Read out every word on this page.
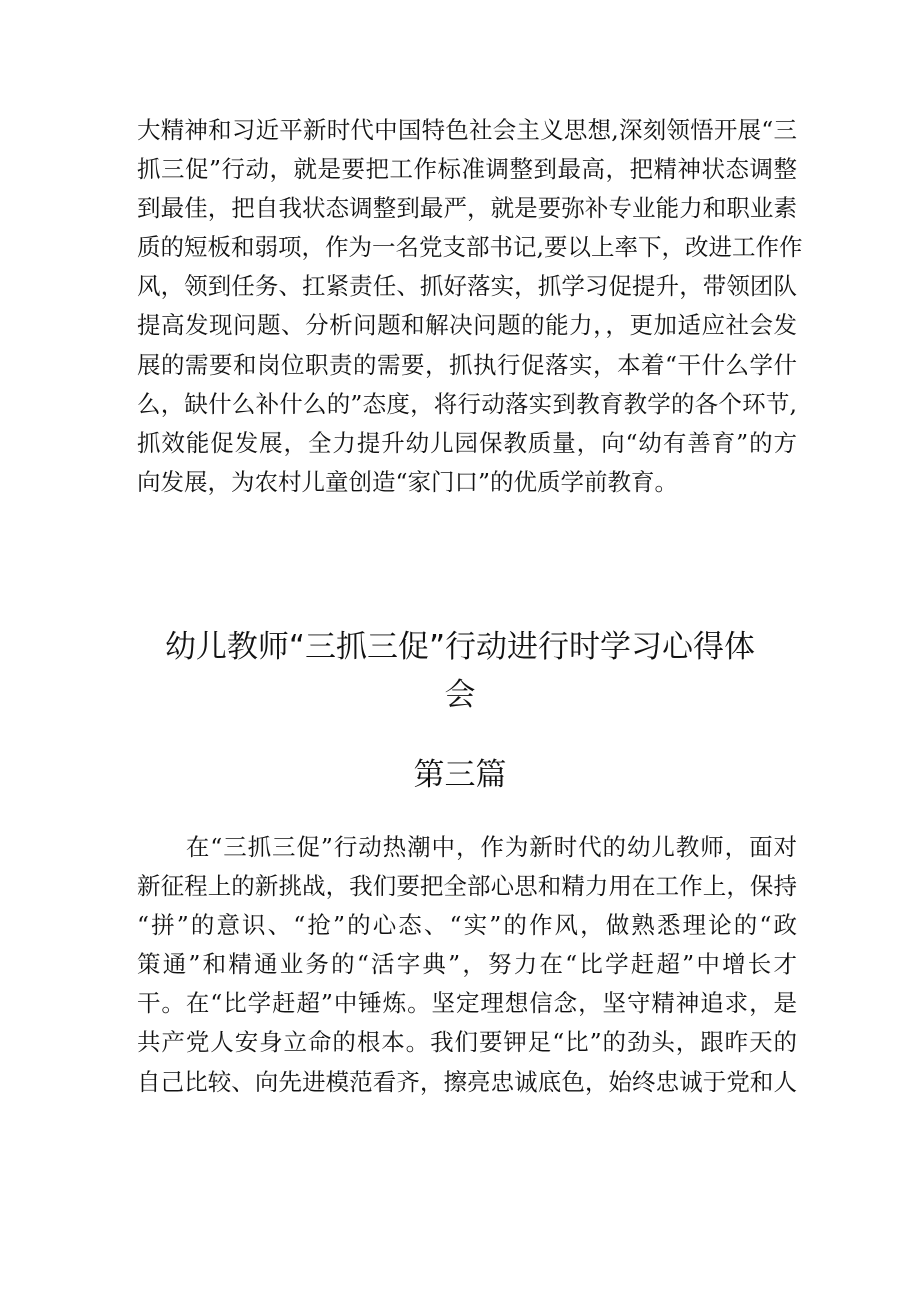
大精神和习近平新时代中国特色社会主义思想,深刻领悟开展“三
抓三促”行动，就是要把工作标准调整到最高，把精神状态调整
到最佳，把自我状态调整到最严，就是要弥补专业能力和职业素
质的短板和弱项，作为一名党支部书记,要以上率下，改进工作作
风，领到任务、扛紧责任、抓好落实，抓学习促提升，带领团队
提高发现问题、分析问题和解决问题的能力，，更加适应社会发
展的需要和岗位职责的需要，抓执行促落实，本着“干什么学什
么，缺什么补什么的”态度，将行动落实到教育教学的各个环节,
抓效能促发展，全力提升幼儿园保教质量，向“幼有善育”的方
向发展，为农村儿童创造“家门口”的优质学前教育。
幼儿教师“三抓三促”行动进行时学习心得体
会
第三篇
　　在“三抓三促”行动热潮中，作为新时代的幼儿教师，面对
新征程上的新挑战，我们要把全部心思和精力用在工作上，保持
“拼”的意识、“抢”的心态、“实”的作风，做熟悉理论的“政
策通”和精通业务的“活字典”，努力在“比学赶超”中增长才
干。在“比学赶超”中锤炼。坚定理想信念，坚守精神追求，是
共产党人安身立命的根本。我们要钾足“比”的劲头，跟昨天的
自己比较、向先进模范看齐，擦亮忠诚底色，始终忠诚于党和人
